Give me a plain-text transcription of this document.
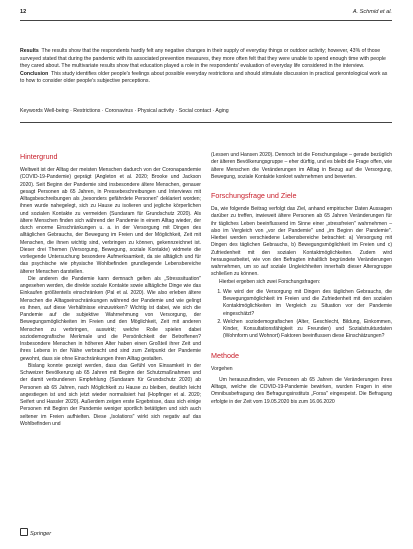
12	A. Schmid et al.

Results The results show that the respondents hardly felt any negative changes in their supply of everyday things or outdoor activity; however, 43% of those surveyed stated that during the pandemic with its associated prevention measures, they more often felt that they were unable to spend enough time with people they cared about. The multivariate results show that education played a role in the respondents' evaluation of everyday life considered in the interview.

Conclusion This study identifies older people's feelings about possible everyday restrictions and should stimulate discussion in practical gerontological work as to how to consider older people's subjective perceptions.

Keywords Well-being · Restrictions · Coronavirus · Physical activity · Social contact · Aging
Hintergrund

Weltweit ist der Alltag der meisten Menschen dadurch von der Coronapandemie (COVID-19-Pandemie) geprägt (Angleton et al. 2020; Brooke und Jackson 2020). Seit Beginn der Pandemie sind insbesondere ältere Menschen, genauer gesagt Personen ab 65 Jahren, in Pressebeschreibungen und Interviews mit Alltagsbeschreibungen als „besonders gefährdete Personen" deklariert worden; ihnen wurde nahegelegt, sich zu Hause zu isolieren und jegliche körperlichen und sozialen Kontakte zu vermeiden (Sundaram für Grundschutz 2020). Als ältere Menschen finden sich während der Pandemie in einem Alltag wieder, der durch enorme Einschränkungen u. a. in der Versorgung mit Dingen des alltäglichen Gebrauchs, der Bewegung im Freien und der Möglichkeit, Zeit mit Menschen, die ihnen wichtig sind, verbringen zu können, gekennzeichnet ist. Dieser drei Themen (Versorgung, Bewegung, soziale Kontakte) widmete die vorliegende Untersuchung besondere Aufmerksamkeit, da sie alltäglich und für das psychische wie physische Wohlbefinden grundlegende Lebensbereiche älterer Menschen darstellen.

Die anderen die Pandemie kann demnach gelten als „Stresssituation" angesehen werden, die direkte soziale Kontakte sowie alltägliche Dinge wie das Einkaufen größtenteils einschränken (Pal et al. 2020). Wie also erleben ältere Menschen die Alltagseinschränkungen während der Pandemie und wie gelingt es ihnen, auf diese Verhältnisse einzuwirken? Wichtig ist dabei, wie sich die Pandemie auf die subjektive Wahrnehmung von Versorgung, der Bewegungsmöglichkeiten im Freien und den Möglichkeit, Zeit mit anderen Menschen zu verbringen, auswirkt; welche Rolle spielen dabei soziodemografische Merkmale und die Persönlichkeit der Betroffenen? Insbesondere Menschen in höheren Alter haben einen Großteil ihrer Zeit und ihres Lebens in der Nähe verbracht und sind zum Zeitpunkt der Pandemie gewohnt, dass sie ohne Einschränkungen ihren Alltag gestalten.

Bislang konnte gezeigt werden, dass das Gefühl von Einsamkeit in der Schweizer Bevölkerung ab 65 Jahren mit Beginn der Schutzmaßnahmen und der damit verbundenen Empfehlung (Sundaram für Grundschutz 2020) ab Personen ab 65 Jahren, nach Möglichkeit zu Hause zu bleiben, deutlich leicht angestiegen ist und sich jetzt wieder normalisiert hat (Hopfinger et al. 2020; Seifert und Hassler 2020). Außerdem zeigen erste Ergebnisse, dass sich einige Personen mit Beginn der Pandemie weniger sportlich betätigten und sich auch seltener im Freien aufhielten. Diese „Isolations" wirkt sich negativ auf das Wohlbefinden und

(Lessen und Hansen 2020). Dennoch ist die Forschungslage – gerade bezüglich der älteren Bevölkerungsgruppe – eher dürftig, und es bleibt die Frage offen, wie ältere Menschen die Veränderungen im Alltag in Bezug auf die Versorgung, Bewegung, soziale Kontakte konkret wahrnehmen und bewerten.

Forschungsfrage und Ziele

Da, wie folgende Beitrag verfolgt das Ziel, anhand empirischer Daten Aussagen darüber zu treffen, inwieweit ältere Personen ab 65 Jahren Veränderungen für ihr tägliches Leben beeinflussend im Sinne einer „stressfreien" wahrnehmen – also im Vergleich von „vor der Pandemie" und „im Beginn der Pandemie". Hierbei werden verschiedene Lebensbereiche betrachtet: a) Versorgung mit Dingen des täglichen Gebrauchs, b) Bewegungsmöglichkeit im Freien und c) Zufriedenheit mit den sozialen Kontaktmöglichkeiten. Zudem wird herausgearbeitet, wie von den Befragten inhaltlich begründete Veränderungen wahrnehmen, um so auf soziale Ungleichheiten innerhalb dieser Altersgruppe schließen zu können.

Hierbei ergeben sich zwei Forschungsfragen:

1. Wie wird der die Versorgung mit Dingen des täglichen Gebrauchs, die Bewegungsmöglichkeit im Freien und die Zufriedenheit mit den sozialen Kontaktmöglichkeiten im Vergleich zu Situation vor der Pandemie eingeschätzt?
2. Welchen soziodemografischen (Alter, Geschlecht, Bildung, Einkommen, Kinder, Konsultationsfähigkeit zu Freunden) und Sozialstrukturdaten (Wohnform und Wohnort) Faktoren beeinflussen diese Einschätzungen?
Methode

Vorgehen

Um herauszufinden, wie Personen ab 65 Jahren die Veränderungen ihres Alltags, welche die COVID-19-Pandemie bewirken, wurden Fragen in eine Omnibusbefragung des Befragungsinstituts „Forsa" eingespeist. Die Befragung erfolgte in der Zeit vom 19.05.2020 bis zum 16.06.2020

Springer
